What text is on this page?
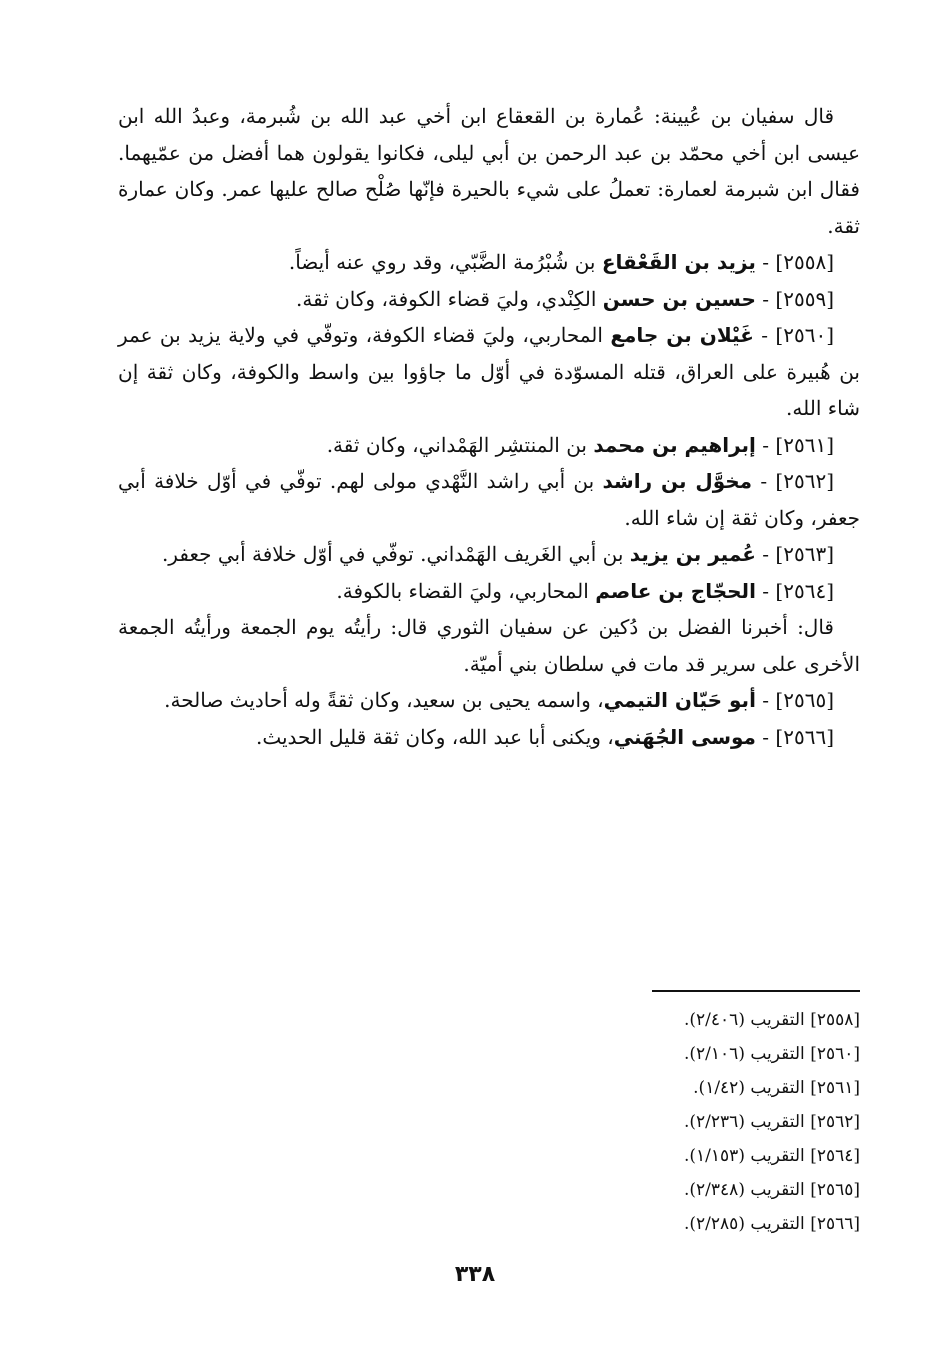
قال سفيان بن عُيينة: عُمارة بن القعقاع ابن أخي عبد الله بن شُبرمة، وعبدُ الله ابن عيسى ابن أخي محمّد بن عبد الرحمن بن أبي ليلى، فكانوا يقولون هما أفضل من عمّيهما. فقال ابن شبرمة لعمارة: تعملُ على شيء بالحيرة فإنّها صُلْح صالح عليها عمر. وكان عمارة ثقة.

[٢٥٥٨] - يزيد بن القَعْقاع بن شُبْرُمة الضَّبّي، وقد روي عنه أيضاً.

[٢٥٥٩] - حسين بن حسن الكِنْدي، وليَ قضاء الكوفة، وكان ثقة.

[٢٥٦٠] - غَيْلان بن جامع المحاربي، وليَ قضاء الكوفة، وتوفّي في ولاية يزيد بن عمر بن هُبيرة على العراق، قتله المسوّدة في أوّل ما جاؤوا بين واسط والكوفة، وكان ثقة إن شاء الله.

[٢٥٦١] - إبراهيم بن محمد بن المنتشِر الهَمْداني، وكان ثقة.

[٢٥٦٢] - مخوَّل بن راشد بن أبي راشد النَّهْدي مولى لهم. توفّي في أوّل خلافة أبي جعفر، وكان ثقة إن شاء الله.

[٢٥٦٣] - عُمير بن يزيد بن أبي الغَريف الهَمْداني. توفّي في أوّل خلافة أبي جعفر.

[٢٥٦٤] - الحجّاج بن عاصم المحاربي، وليَ القضاء بالكوفة.

قال: أخبرنا الفضل بن دُكين عن سفيان الثوري قال: رأيتُه يوم الجمعة ورأيتُه الجمعة الأخرى على سرير قد مات في سلطان بني أميّة.

[٢٥٦٥] - أبو حَيّان التيمي، واسمه يحيى بن سعيد، وكان ثقةً وله أحاديث صالحة.

[٢٥٦٦] - موسى الجُهَني، ويكنى أبا عبد الله، وكان ثقة قليل الحديث.

[٢٥٥٨] التقريب (٢/٤٠٦).
[٢٥٦٠] التقريب (٢/١٠٦).
[٢٥٦١] التقريب (١/٤٢).
[٢٥٦٢] التقريب (٢/٢٣٦).
[٢٥٦٤] التقريب (١/١٥٣).
[٢٥٦٥] التقريب (٢/٣٤٨).
[٢٥٦٦] التقريب (٢/٢٨٥).
٣٣٨
